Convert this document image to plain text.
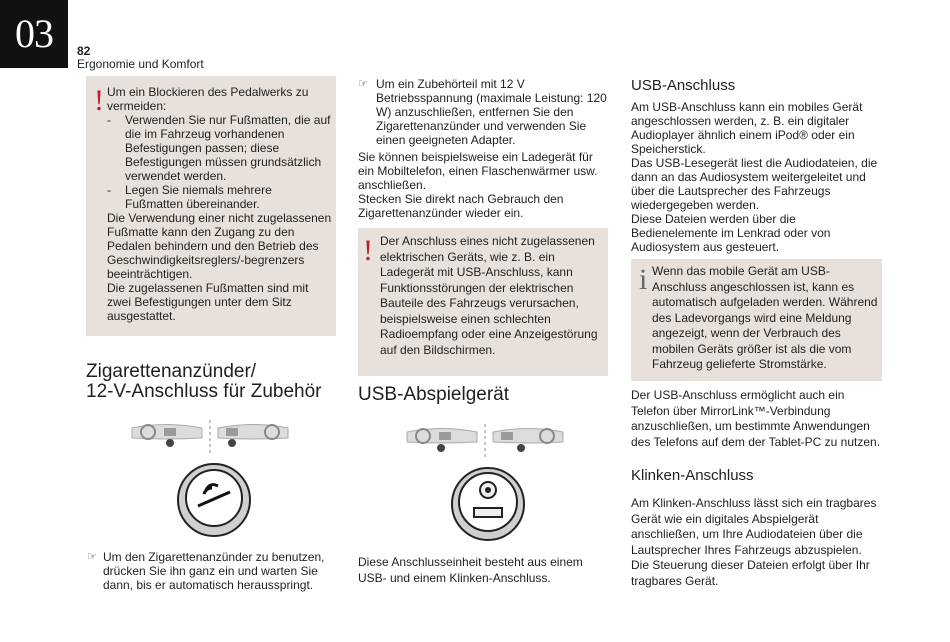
03	82
Ergonomie und Komfort
! Um ein Blockieren des Pedalwerks zu vermeiden:
- Verwenden Sie nur Fußmatten, die auf die im Fahrzeug vorhandenen Befestigungen passen; diese Befestigungen müssen grundsätzlich verwendet werden.
- Legen Sie niemals mehrere Fußmatten übereinander.
Die Verwendung einer nicht zugelassenen Fußmatte kann den Zugang zu den Pedalen behindern und den Betrieb des Geschwindigkeitsreglers/-begrenzers beeinträchtigen.
Die zugelassenen Fußmatten sind mit zwei Befestigungen unter dem Sitz ausgestattet.
Zigarettenanzünder/
12-V-Anschluss für Zubehör
☞ Um den Zigarettenanzünder zu benutzen, drücken Sie ihn ganz ein und warten Sie dann, bis er automatisch herausspringt.
☞ Um ein Zubehörteil mit 12 V Betriebsspannung (maximale Leistung: 120 W) anzuschließen, entfernen Sie den Zigarettenanzünder und verwenden Sie einen geeigneten Adapter.
Sie können beispielsweise ein Ladegerät für ein Mobiltelefon, einen Flaschenwärmer usw. anschließen.
Stecken Sie direkt nach Gebrauch den Zigarettenanzünder wieder ein.
! Der Anschluss eines nicht zugelassenen elektrischen Geräts, wie z. B. ein Ladegerät mit USB-Anschluss, kann Funktionsstörungen der elektrischen Bauteile des Fahrzeugs verursachen, beispielsweise einen schlechten Radioempfang oder eine Anzeigestörung auf den Bildschirmen.
USB-Abspielgerät
Diese Anschlusseinheit besteht aus einem USB- und einem Klinken-Anschluss.
USB-Anschluss
Am USB-Anschluss kann ein mobiles Gerät angeschlossen werden, z. B. ein digitaler Audioplayer ähnlich einem iPod® oder ein Speicherstick.
Das USB-Lesegerät liest die Audiodateien, die dann an das Audiosystem weitergeleitet und über die Lautsprecher des Fahrzeugs wiedergegeben werden.
Diese Dateien werden über die Bedienelemente im Lenkrad oder von Audiosystem aus gesteuert.
i Wenn das mobile Gerät am USB-Anschluss angeschlossen ist, kann es automatisch aufgeladen werden. Während des Ladevorgangs wird eine Meldung angezeigt, wenn der Verbrauch des mobilen Geräts größer ist als die vom Fahrzeug gelieferte Stromstärke.
Der USB-Anschluss ermöglicht auch ein Telefon über MirrorLink™-Verbindung anzuschließen, um bestimmte Anwendungen des Telefons auf dem der Tablet-PC zu nutzen.
Klinken-Anschluss
Am Klinken-Anschluss lässt sich ein tragbares Gerät wie ein digitales Abspielgerät anschließen, um Ihre Audiodateien über die Lautsprecher Ihres Fahrzeugs abzuspielen. Die Steuerung dieser Dateien erfolgt über Ihr tragbares Gerät.
